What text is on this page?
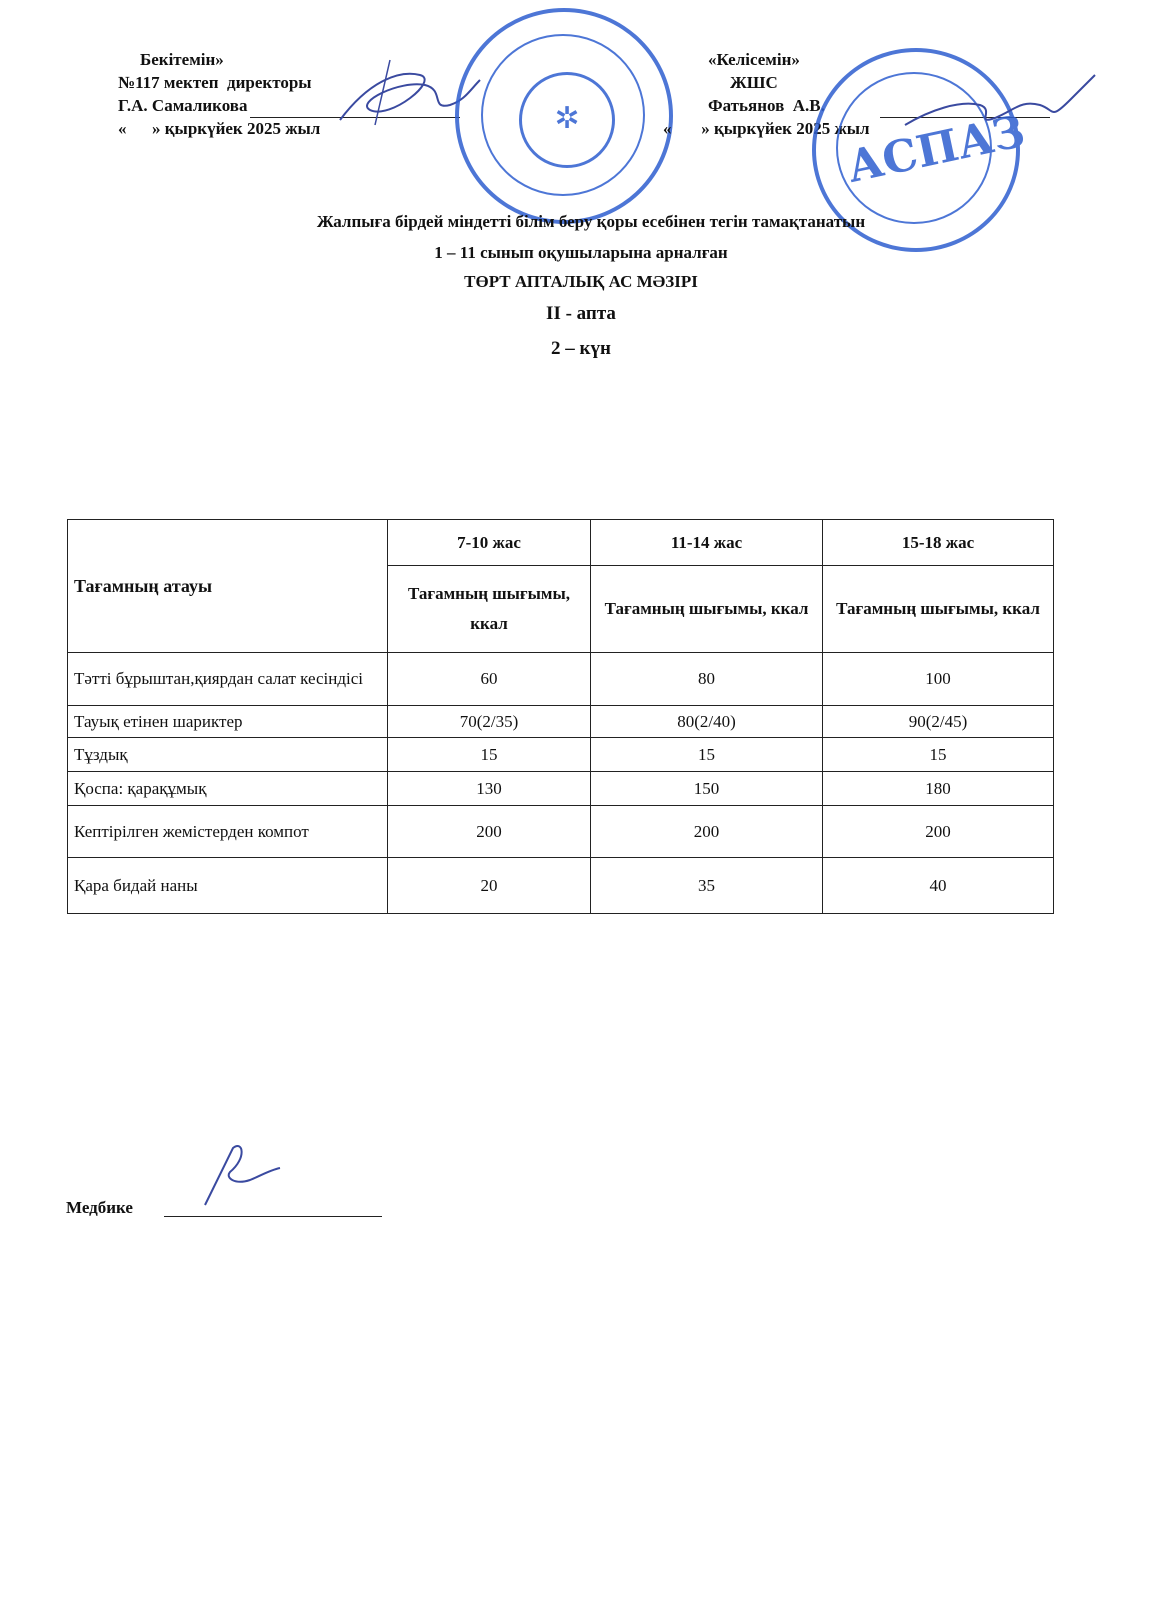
Бекітемін»
№117 мектеп  директоры
Г.А. Самаликова
«      » қыркүйек 2025 жыл	✲
«Келісемін»
ЖШС
Фатьянов  А.В.
«       » қыркүйек 2025 жыл
АСПАЗ
Жалпыға бірдей міндетті білім беру қоры есебінен тегін тамақтанатын
1 – 11 сынып оқушыларына арналған
ТӨРТ АПТАЛЫҚ АС МӘЗІРІ
II - апта
2 – күн
Тағамның атауы	7-10 жас	11-14 жас	15-18 жас
	Тағамның шығымы, ккал	Тағамның шығымы, ккал	Тағамның шығымы, ккал
Тәтті бұрыштан,қиярдан салат кесіндісі	60	80	100
Тауық етінен шариктер	70(2/35)	80(2/40)	90(2/45)
Тұздық	15	15	15
Қоспа: қарақұмық	130	150	180
Кептірілген жемістерден компот	200	200	200
Қара бидай наны	20	35	40
Медбике
